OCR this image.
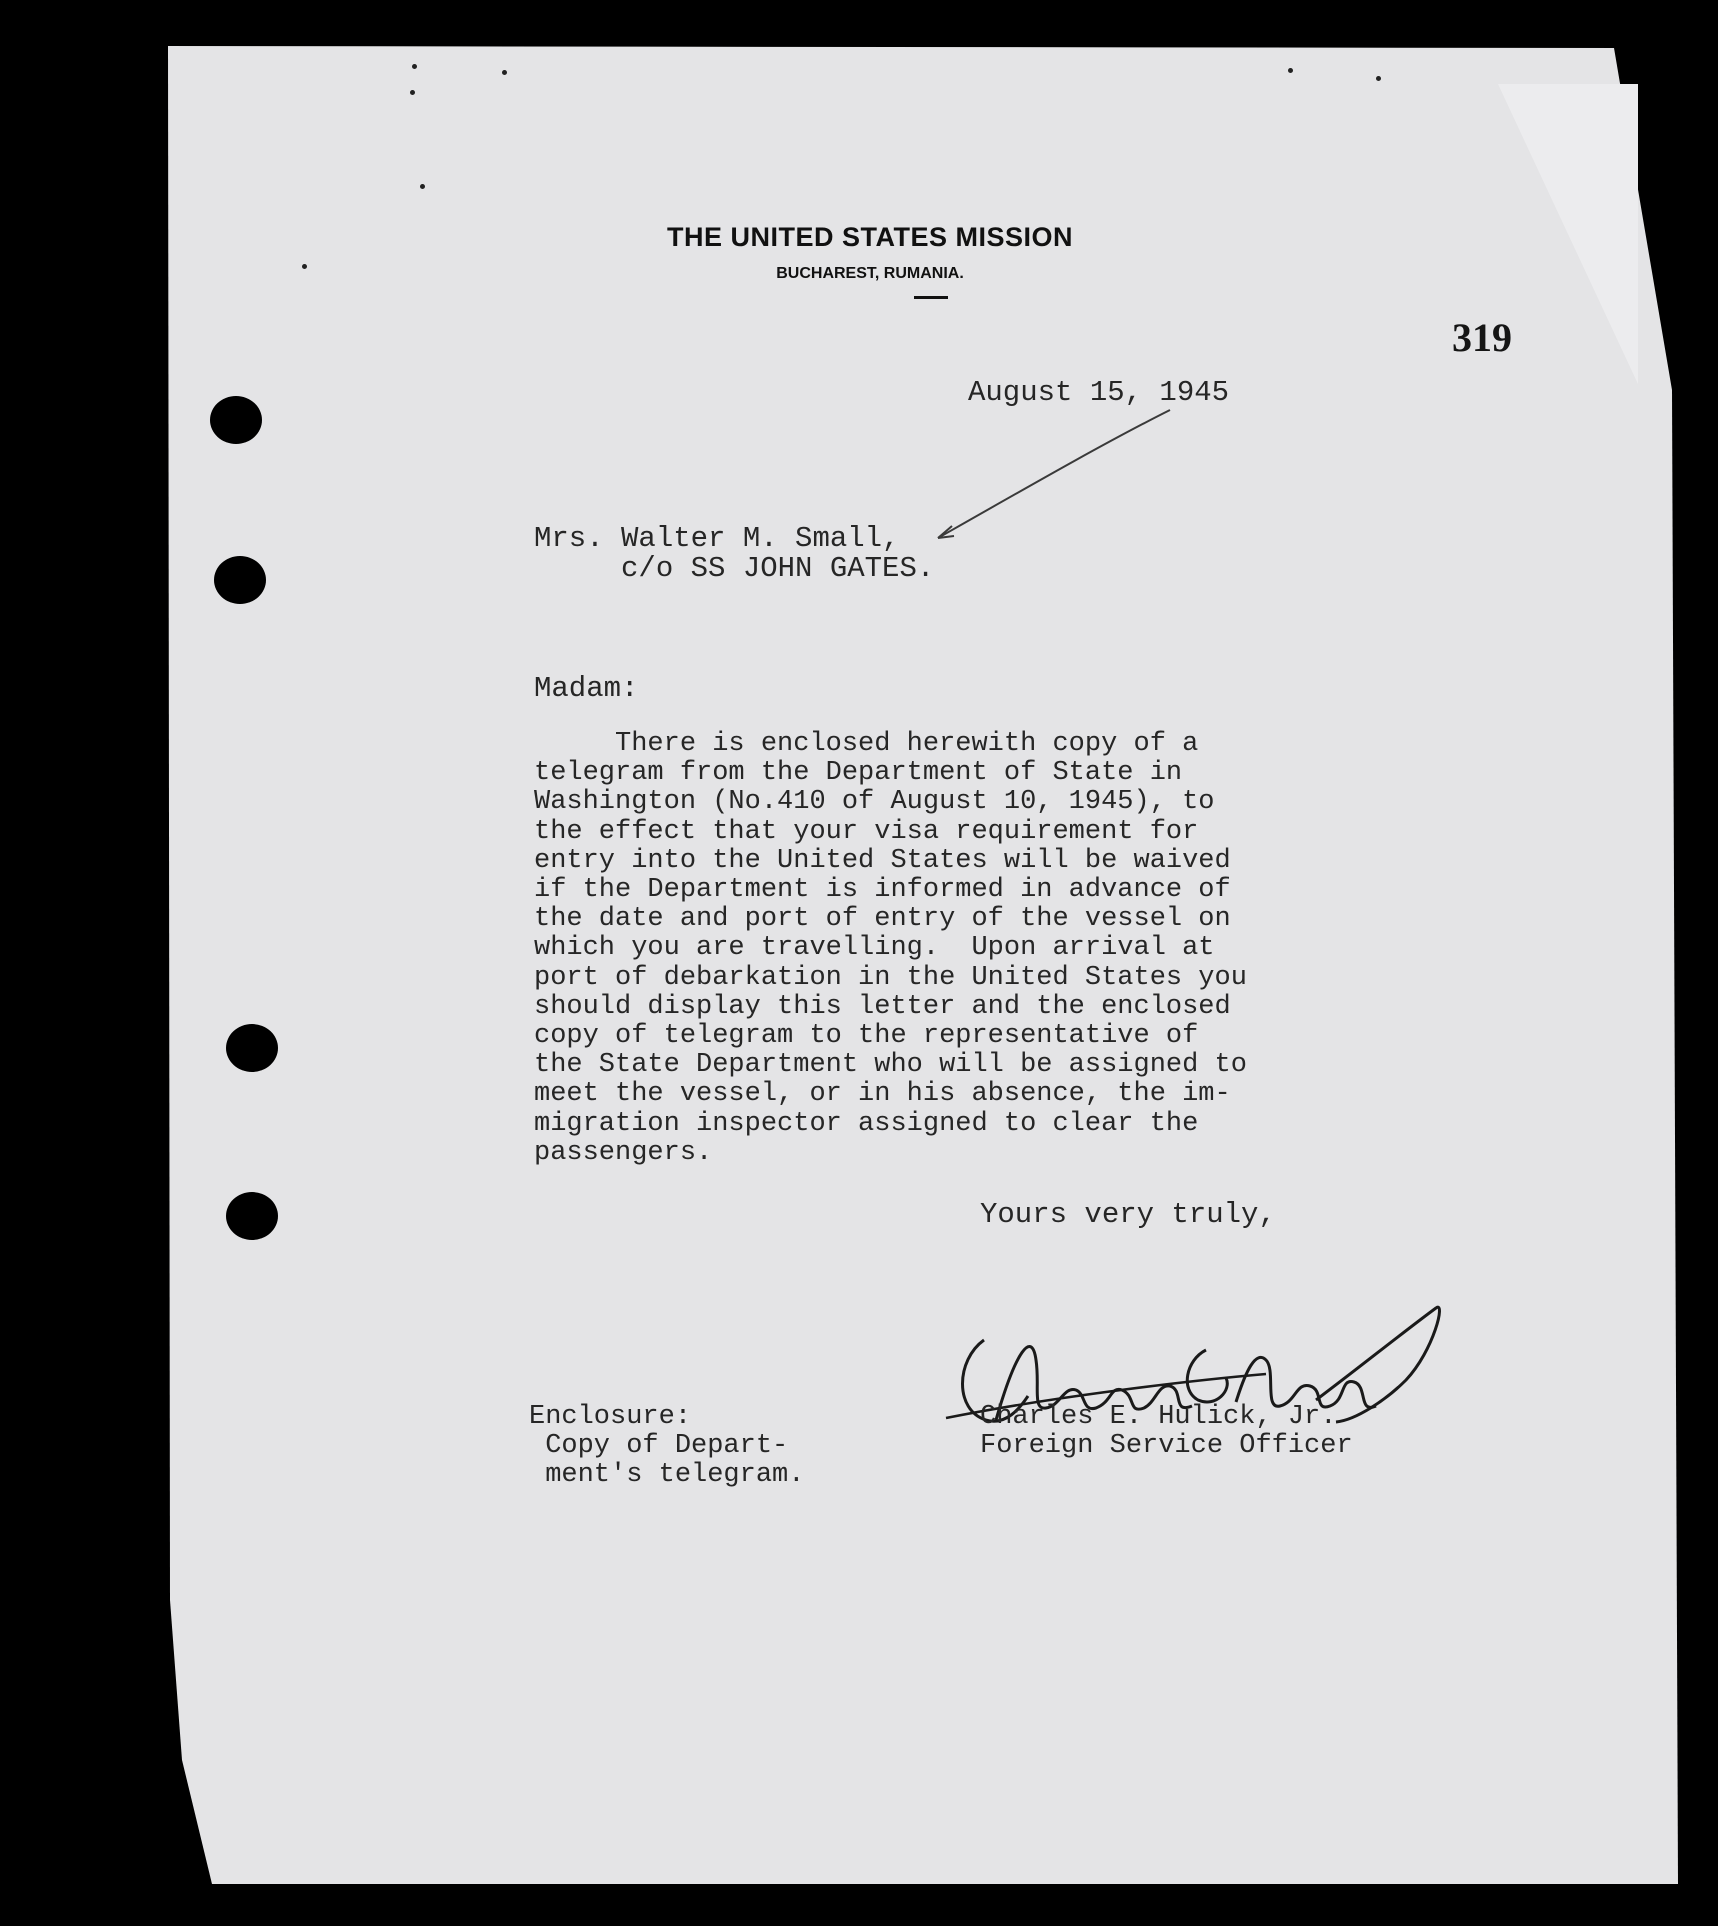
THE UNITED STATES MISSION
BUCHAREST, RUMANIA.
319
August 15, 1945
Mrs. Walter M. Small,
c/o SS JOHN GATES.
Madam:
There is enclosed herewith copy of a
telegram from the Department of State in
Washington (No.410 of August 10, 1945), to
the effect that your visa requirement for
entry into the United States will be waived
if the Department is informed in advance of
the date and port of entry of the vessel on
which you are travelling.  Upon arrival at
port of debarkation in the United States you
should display this letter and the enclosed
copy of telegram to the representative of
the State Department who will be assigned to
meet the vessel, or in his absence, the im-
migration inspector assigned to clear the
passengers.
Yours very truly,
Enclosure:
Copy of Depart-
ment's telegram.
Charles E. Hulick, Jr.
Foreign Service Officer
